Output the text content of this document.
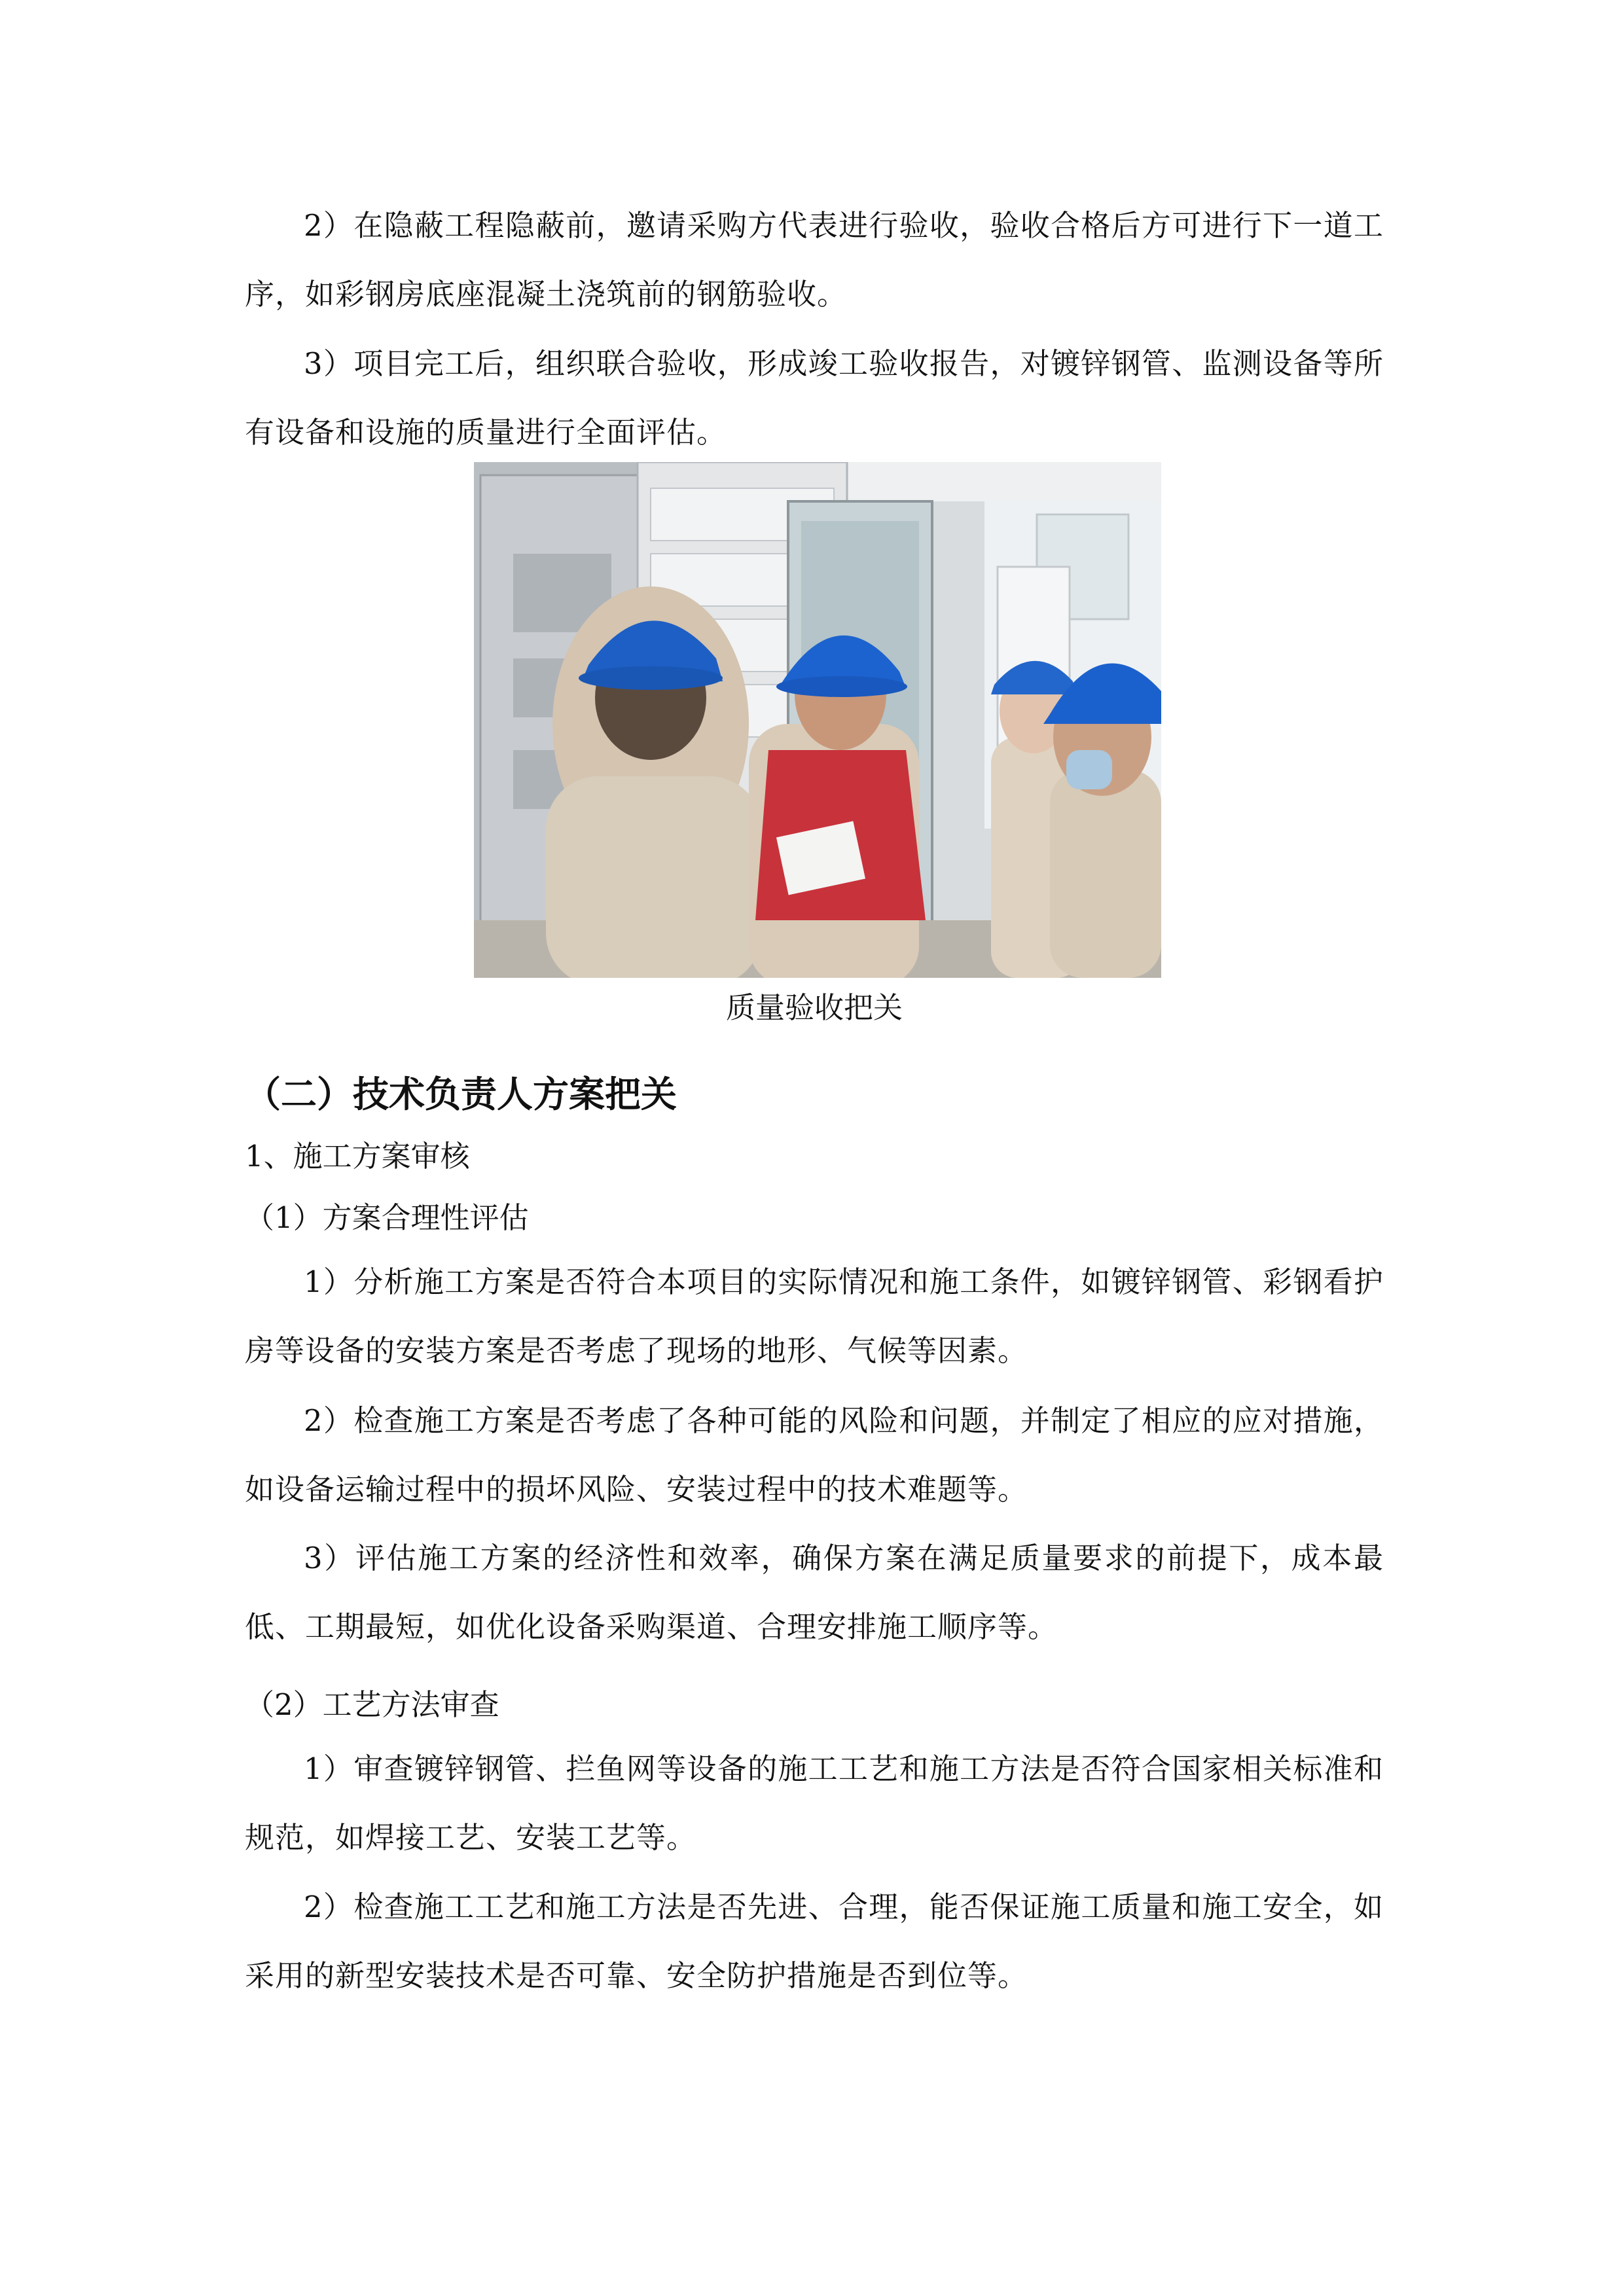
2）在隐蔽工程隐蔽前，邀请采购方代表进行验收，验收合格后方可进行下一道工序，如彩钢房底座混凝土浇筑前的钢筋验收。

3）项目完工后，组织联合验收，形成竣工验收报告，对镀锌钢管、监测设备等所有设备和设施的质量进行全面评估。

质量验收把关

（二）技术负责人方案把关

1、施工方案审核

（1）方案合理性评估

1）分析施工方案是否符合本项目的实际情况和施工条件，如镀锌钢管、彩钢看护房等设备的安装方案是否考虑了现场的地形、气候等因素。

2）检查施工方案是否考虑了各种可能的风险和问题，并制定了相应的应对措施，如设备运输过程中的损坏风险、安装过程中的技术难题等。

3）评估施工方案的经济性和效率，确保方案在满足质量要求的前提下，成本最低、工期最短，如优化设备采购渠道、合理安排施工顺序等。

（2）工艺方法审查

1）审查镀锌钢管、拦鱼网等设备的施工工艺和施工方法是否符合国家相关标准和规范，如焊接工艺、安装工艺等。

2）检查施工工艺和施工方法是否先进、合理，能否保证施工质量和施工安全，如采用的新型安装技术是否可靠、安全防护措施是否到位等。
